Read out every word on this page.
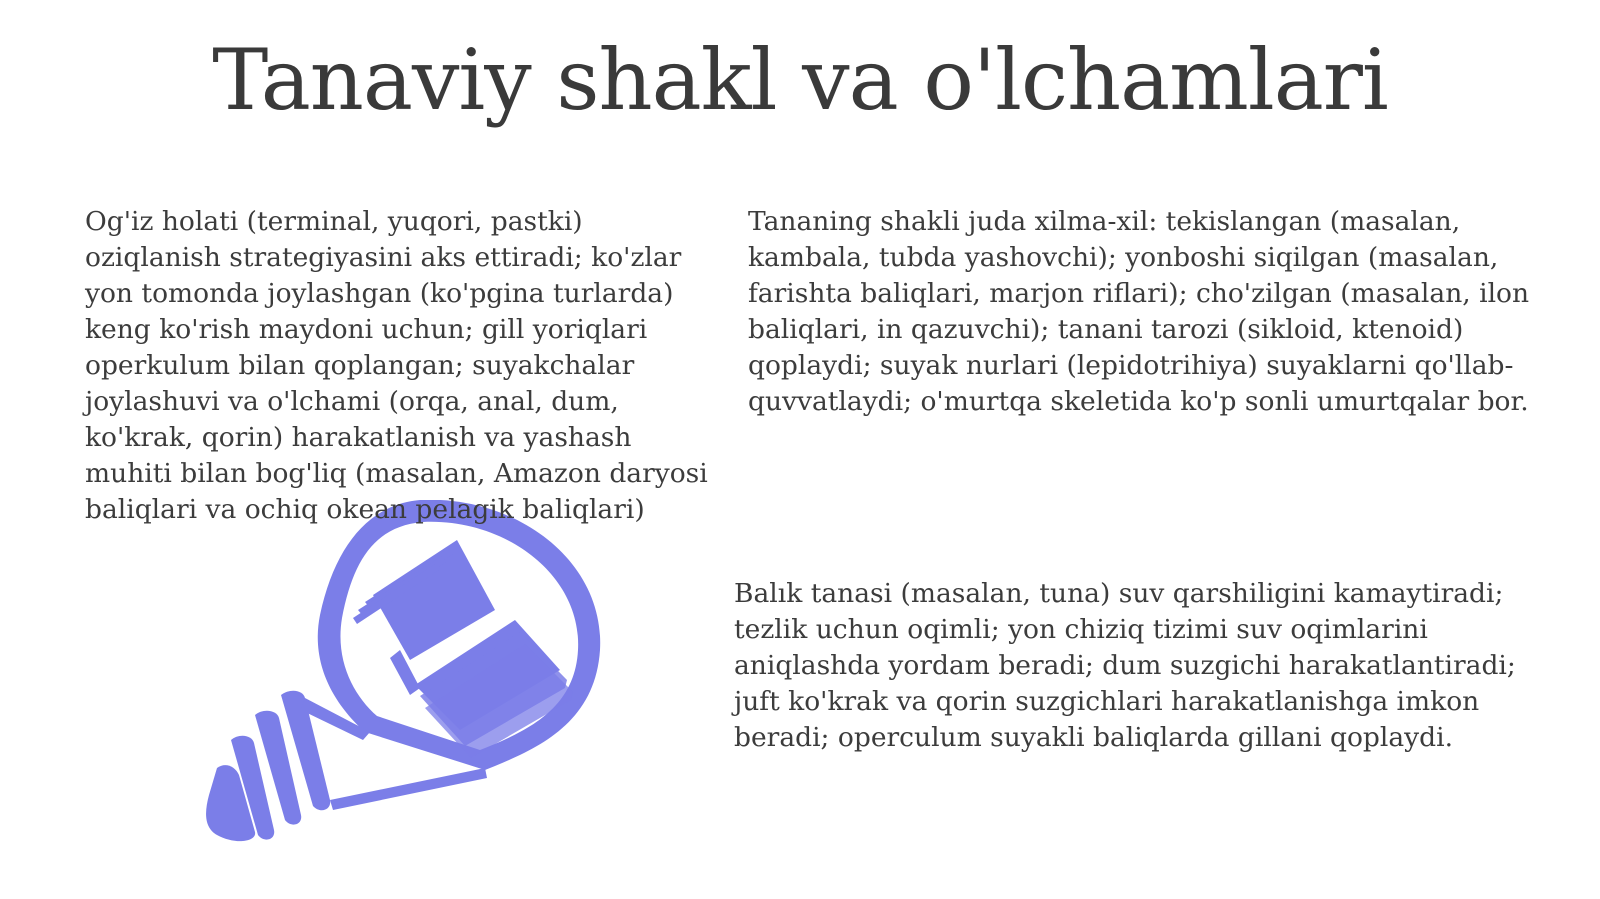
Tanaviy shakl va o'lchamlari

Og'iz holati (terminal, yuqori, pastki) oziqlanish strategiyasini aks ettiradi; ko'zlar yon tomonda joylashgan (ko'pgina turlarda) keng ko'rish maydoni uchun; gill yoriqlari operkulum bilan qoplangan; suyakchalar joylashuvi va o'lchami (orqa, anal, dum, ko'krak, qorin) harakatlanish va yashash muhiti bilan bog'liq (masalan, Amazon daryosi baliqlari va ochiq okean pelagik baliqlari)

Tananing shakli juda xilma-xil: tekislangan (masalan, kambala, tubda yashovchi); yonboshi siqilgan (masalan, farishta baliqlari, marjon riflari); cho'zilgan (masalan, ilon baliqlari, in qazuvchi); tanani tarozi (sikloid, ktenoid) qoplaydi; suyak nurlari (lepidotrihiya) suyaklarni qo'llab-quvvatlaydi; o'murtqa skeletida ko'p sonli umurtqalar bor.

Balık tanasi (masalan, tuna) suv qarshiligini kamaytiradi; tezlik uchun oqimli; yon chiziq tizimi suv oqimlarini aniqlashda yordam beradi; dum suzgichi harakatlantiradi; juft ko'krak va qorin suzgichlari harakatlanishga imkon beradi; operculum suyakli baliqlarda gillani qoplaydi.
